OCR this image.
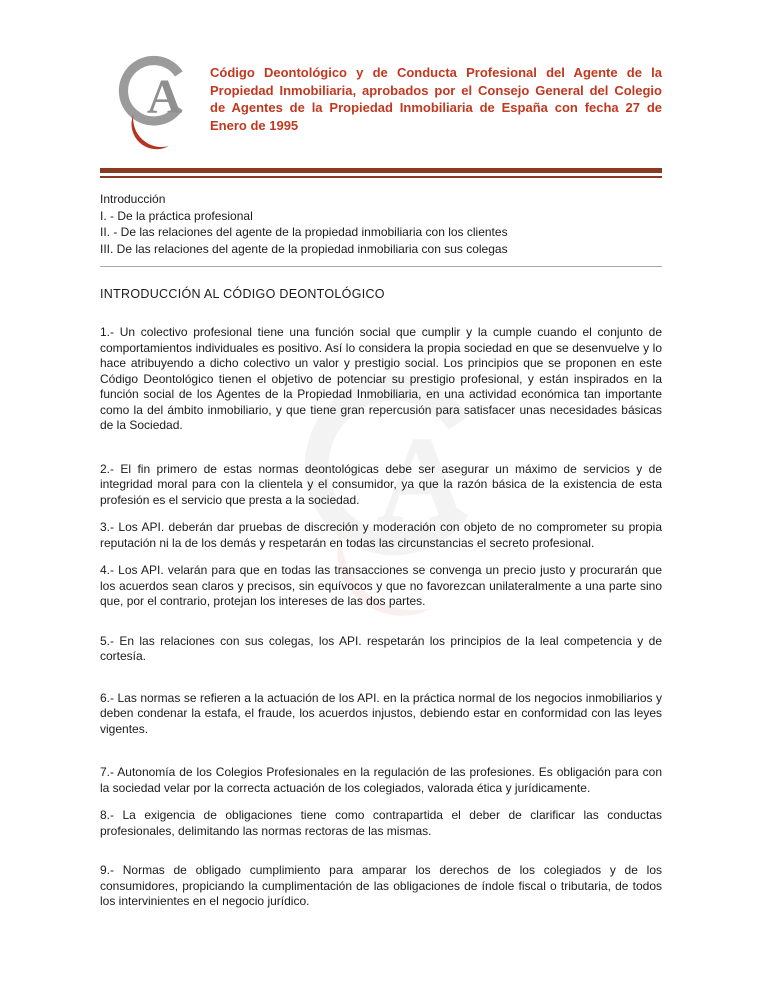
A
A Código Deontológico y de Conducta Profesional del Agente de la Propiedad Inmobiliaria, aprobados por el Consejo General del Colegio de Agentes de la Propiedad Inmobiliaria de España con fecha 27 de Enero de 1995

Introducción
I. - De la práctica profesional
II. - De las relaciones del agente de la propiedad inmobiliaria con los clientes
III. De las relaciones del agente de la propiedad inmobiliaria con sus colegas
INTRODUCCIÓN AL CÓDIGO DEONTOLÓGICO

1.- Un colectivo profesional tiene una función social que cumplir y la cumple cuando el conjunto de comportamientos individuales es positivo. Así lo considera la propia sociedad en que se desenvuelve y lo hace atribuyendo a dicho colectivo un valor y prestigio social. Los principios que se proponen en este Código Deontológico tienen el objetivo de potenciar su prestigio profesional, y están inspirados en la función social de los Agentes de la Propiedad Inmobiliaria, en una actividad económica tan importante como la del ámbito inmobiliario, y que tiene gran repercusión para satisfacer unas necesidades básicas de la Sociedad.

2.- El fin primero de estas normas deontológicas debe ser asegurar un máximo de servicios y de integridad moral para con la clientela y el consumidor, ya que la razón básica de la existencia de esta profesión es el servicio que presta a la sociedad.

3.- Los API. deberán dar pruebas de discreción y moderación con objeto de no comprometer su propia reputación ni la de los demás y respetarán en todas las circunstancias el secreto profesional.

4.- Los API. velarán para que en todas las transacciones se convenga un precio justo y procurarán que los acuerdos sean claros y precisos, sin equívocos y que no favorezcan unilateralmente a una parte sino que, por el contrario, protejan los intereses de las dos partes.

5.- En las relaciones con sus colegas, los API. respetarán los principios de la leal competencia y de cortesía.

6.- Las normas se refieren a la actuación de los API. en la práctica normal de los negocios inmobiliarios y deben condenar la estafa, el fraude, los acuerdos injustos, debiendo estar en conformidad con las leyes vigentes.

7.- Autonomía de los Colegios Profesionales en la regulación de las profesiones. Es obligación para con la sociedad velar por la correcta actuación de los colegiados, valorada ética y jurídicamente.

8.- La exigencia de obligaciones tiene como contrapartida el deber de clarificar las conductas profesionales, delimitando las normas rectoras de las mismas.

9.- Normas de obligado cumplimiento para amparar los derechos de los colegiados y de los consumidores, propiciando la cumplimentación de las obligaciones de índole fiscal o tributaria, de todos los intervinientes en el negocio jurídico.
